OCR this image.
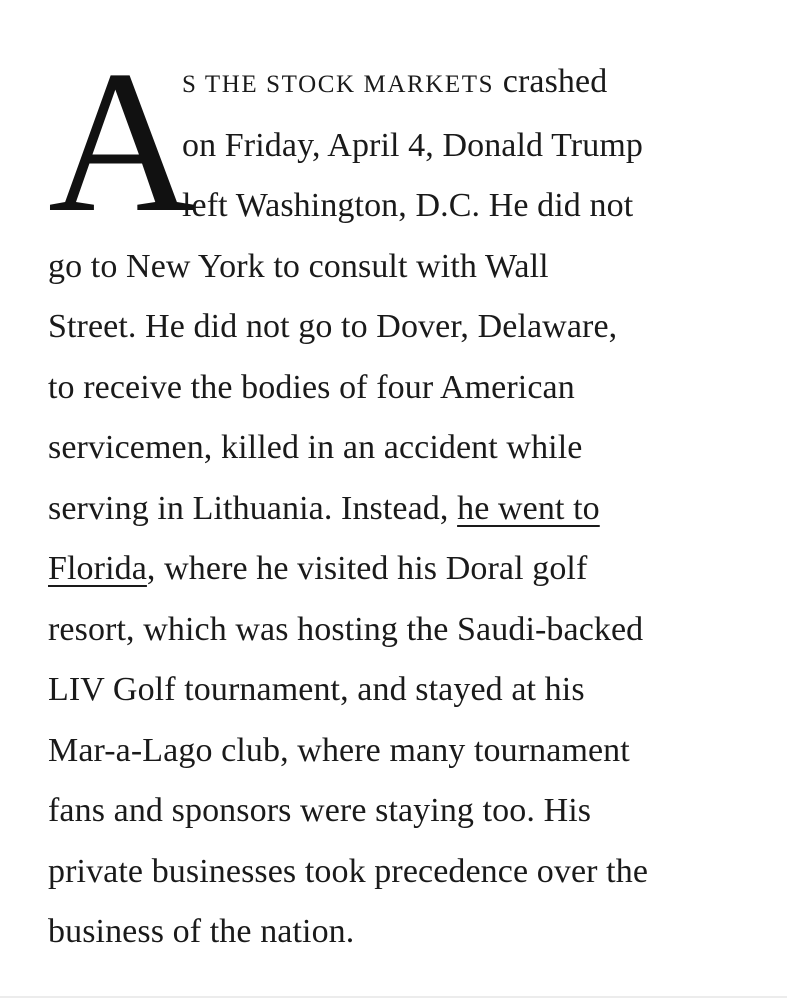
A
S THE STOCK MARKETS crashed
on Friday, April 4, Donald Trump
left Washington, D.C. He did not
go to New York to consult with Wall
Street. He did not go to Dover, Delaware,
to receive the bodies of four American
servicemen, killed in an accident while
serving in Lithuania. Instead, he went to
Florida, where he visited his Doral golf
resort, which was hosting the Saudi-backed
LIV Golf tournament, and stayed at his
Mar-a-Lago club, where many tournament
fans and sponsors were staying too. His
private businesses took precedence over the
business of the nation.
